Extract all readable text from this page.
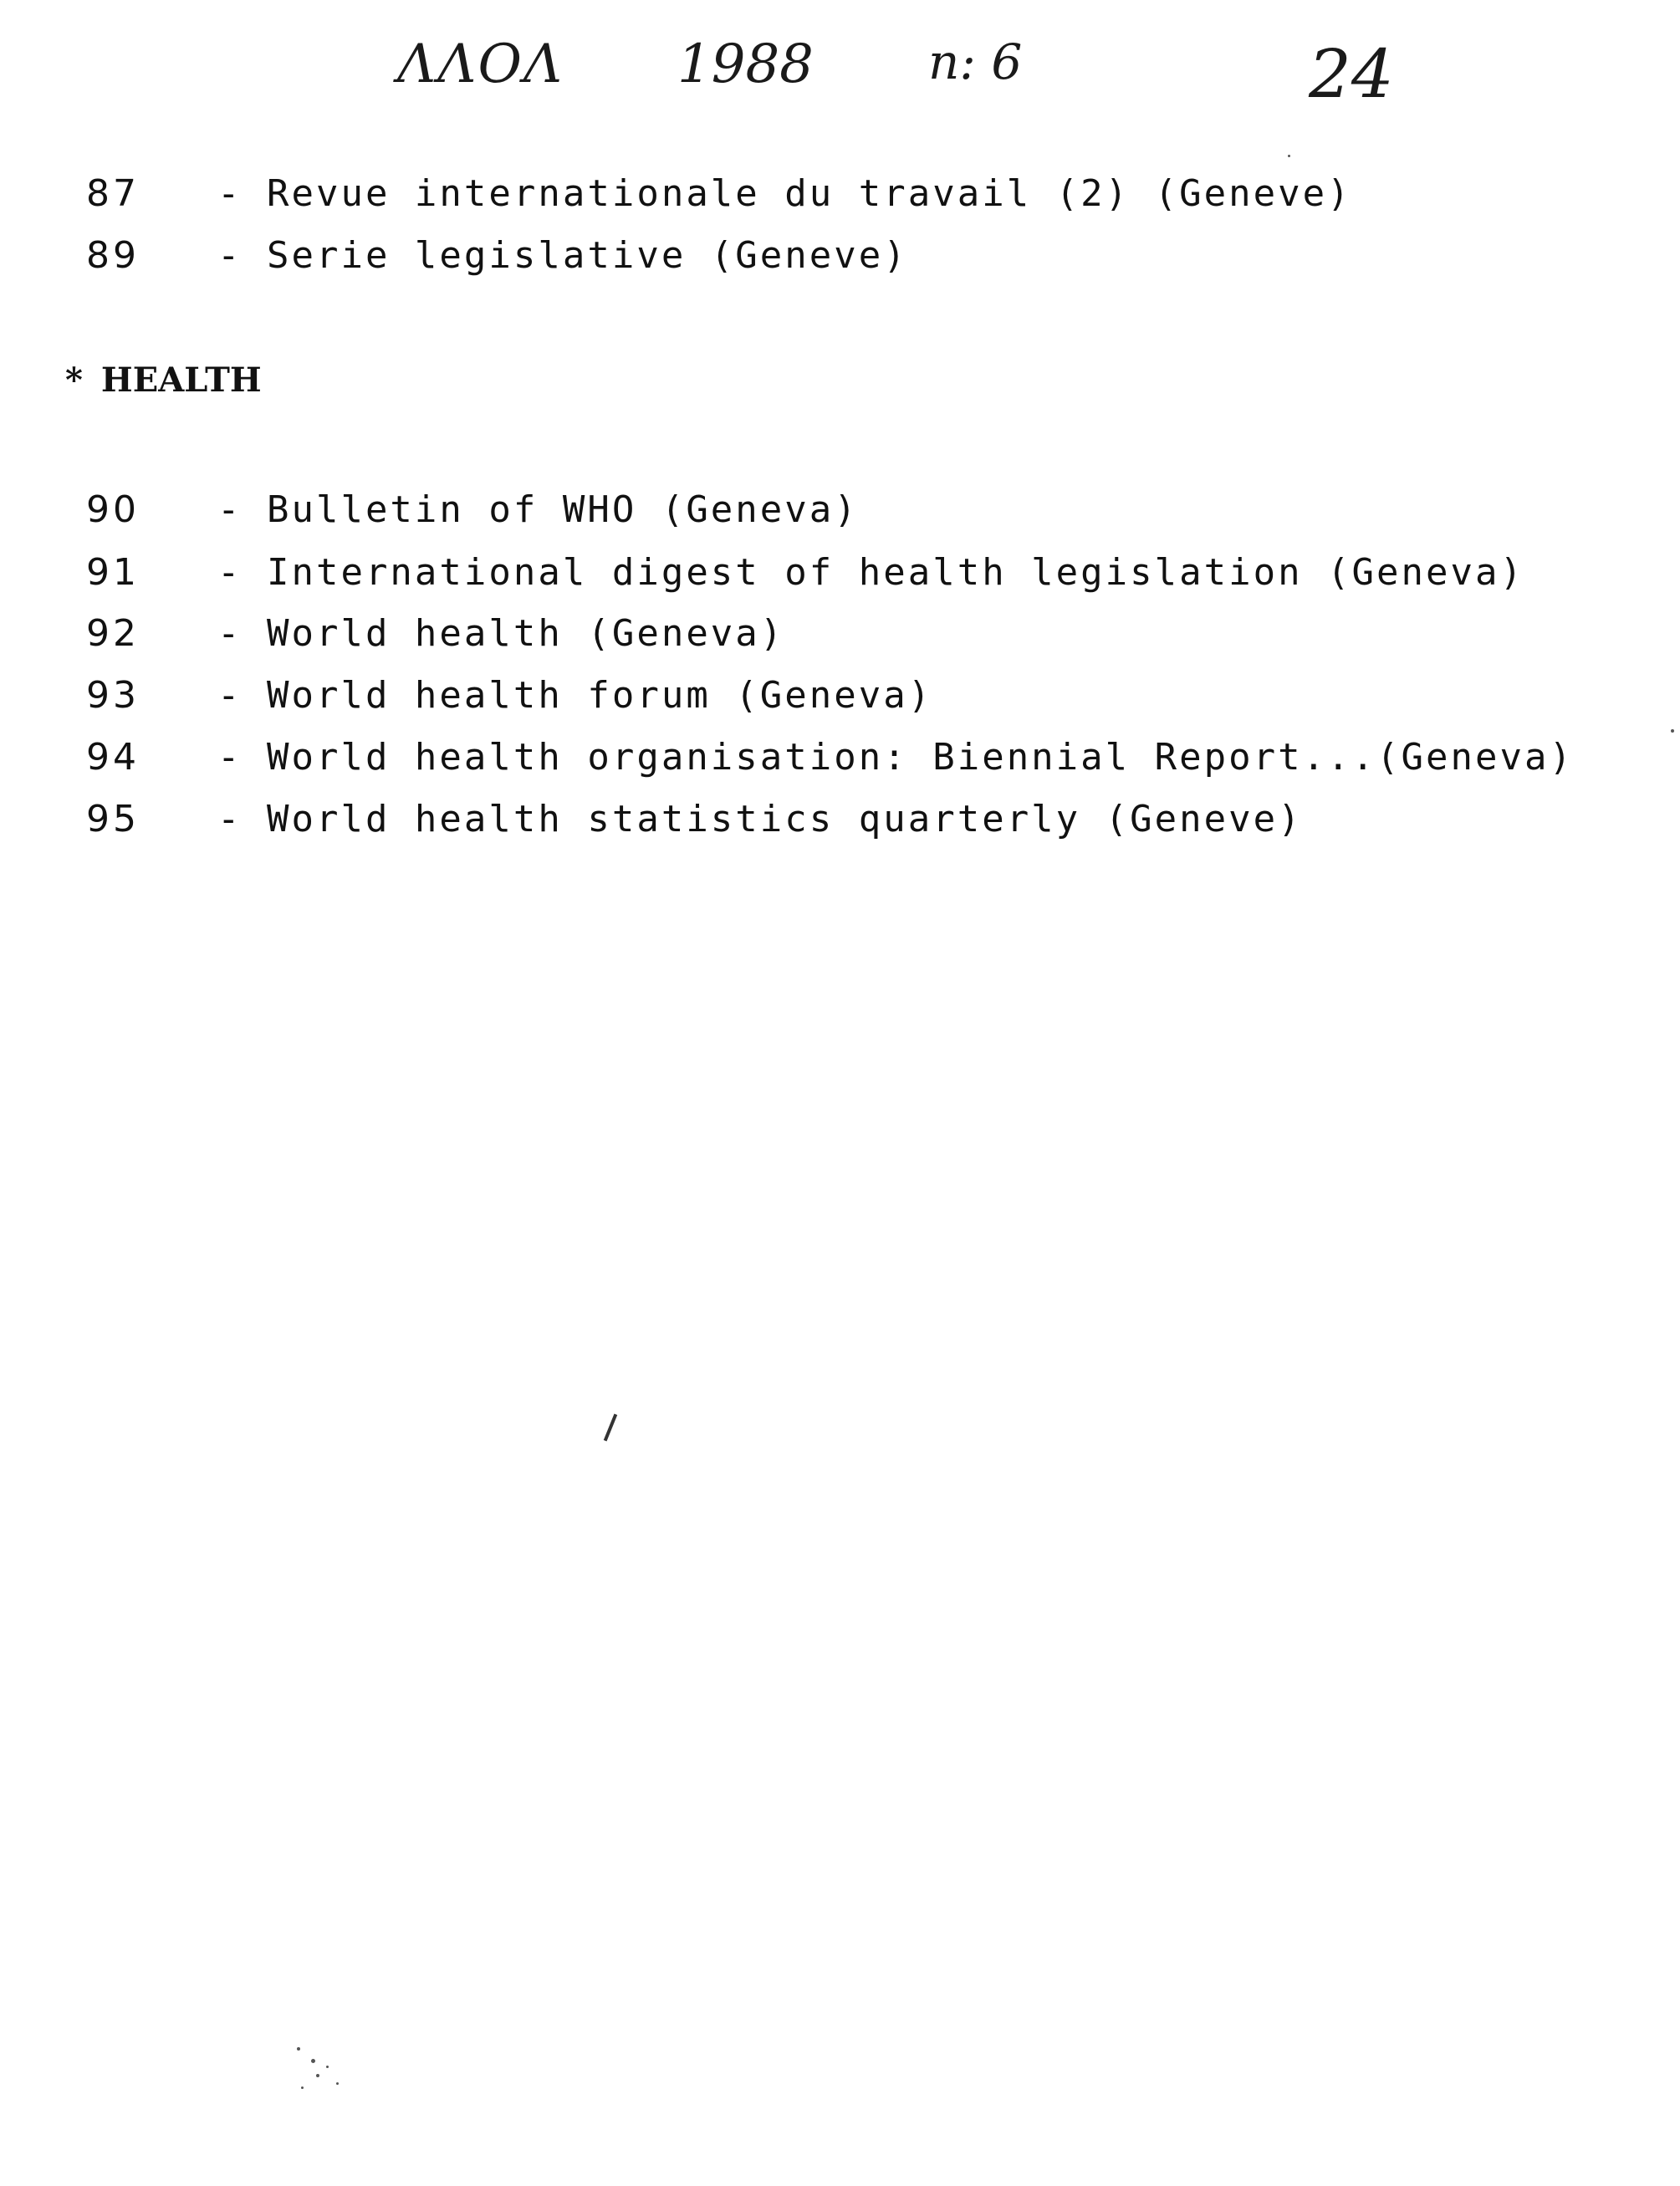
ΛΛΟΛ 1988 n: 6	24
87 - Revue internationale du travail (2) (Geneve)
89 - Serie legislative (Geneve)
* HEALTH
90 - Bulletin of WHO (Geneva)
91 - International digest of health legislation (Geneva)
92 - World health (Geneva)
93 - World health forum (Geneva)
94 - World health organisation: Biennial Report...(Geneva)
95 - World health statistics quarterly (Geneve)
